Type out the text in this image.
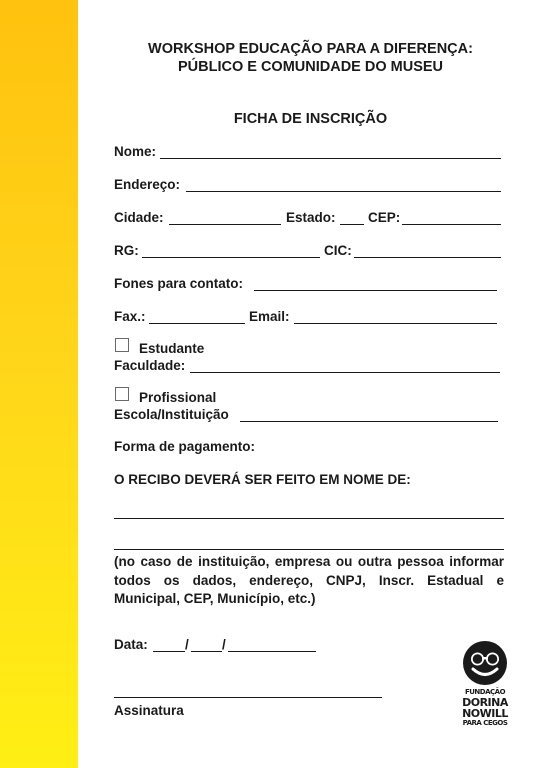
WORKSHOP EDUCAÇÃO PARA A DIFERENÇA:
PÚBLICO E COMUNIDADE DO MUSEU
FICHA DE INSCRIÇÃO
Nome:
Endereço:
Cidade:	Estado: CEP:
RG:	CIC:
Fones para contato:
Fax.:	Email:
Estudante
Faculdade:
Profissional
Escola/Instituição
Forma de pagamento:
O RECIBO DEVERÁ SER FEITO EM NOME DE:
(no caso de instituição, empresa ou outra pessoa informar todos os dados, endereço, CNPJ, Inscr. Estadual e Municipal, CEP, Município, etc.)
Data:	/ /
Assinatura
FUNDAÇÃO
DORINA
NOWILL
PARA CEGOS
